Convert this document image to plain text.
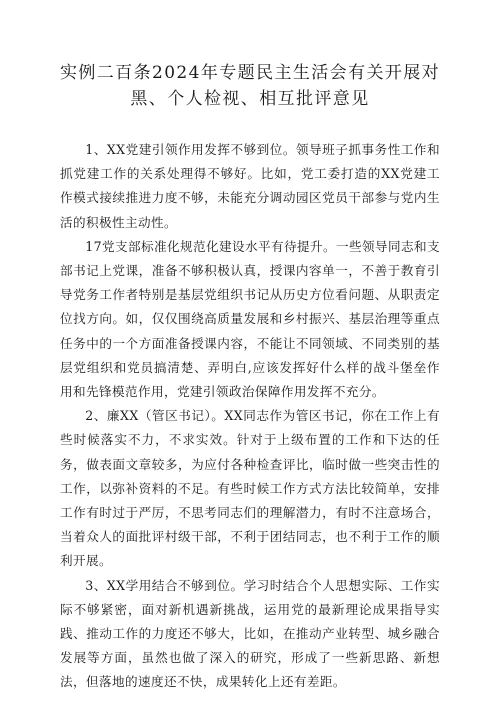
实例二百条2024年专题民主生活会有关开展对
黑、个人检视、相互批评意见

1、XX党建引领作用发挥不够到位。领导班子抓事务性工作和抓党建工作的关系处理得不够好。比如，党工委打造的XX党建工作模式接续推进力度不够，未能充分调动园区党员干部参与党内生活的积极性主动性。

17党支部标准化规范化建设水平有待提升。一些领导同志和支部书记上党课，准备不够积极认真，授课内容单一，不善于教育引导党务工作者特别是基层党组织书记从历史方位看问题、从职责定位找方向。如，仅仅围绕高质量发展和乡村振兴、基层治理等重点任务中的一个方面准备授课内容，不能让不同领域、不同类别的基层党组织和党员搞清楚、弄明白,应该发挥好什么样的战斗堡垒作用和先锋模范作用，党建引领政治保障作用发挥不充分。

2、廉XX（管区书记）。XX同志作为管区书记，你在工作上有些时候落实不力，不求实效。针对于上级布置的工作和下达的任务，做表面文章较多，为应付各种检查评比，临时做一些突击性的工作，以弥补资料的不足。有些时候工作方式方法比较简单，安排工作有时过于严厉，不思考同志们的理解潜力，有时不注意场合，当着众人的面批评村级干部，不利于团结同志，也不利于工作的顺利开展。

3、XX学用结合不够到位。学习时结合个人思想实际、工作实际不够紧密，面对新机遇新挑战，运用党的最新理论成果指导实践、推动工作的力度还不够大，比如，在推动产业转型、城乡融合发展等方面，虽然也做了深入的研究，形成了一些新思路、新想法，但落地的速度还不快，成果转化上还有差距。
